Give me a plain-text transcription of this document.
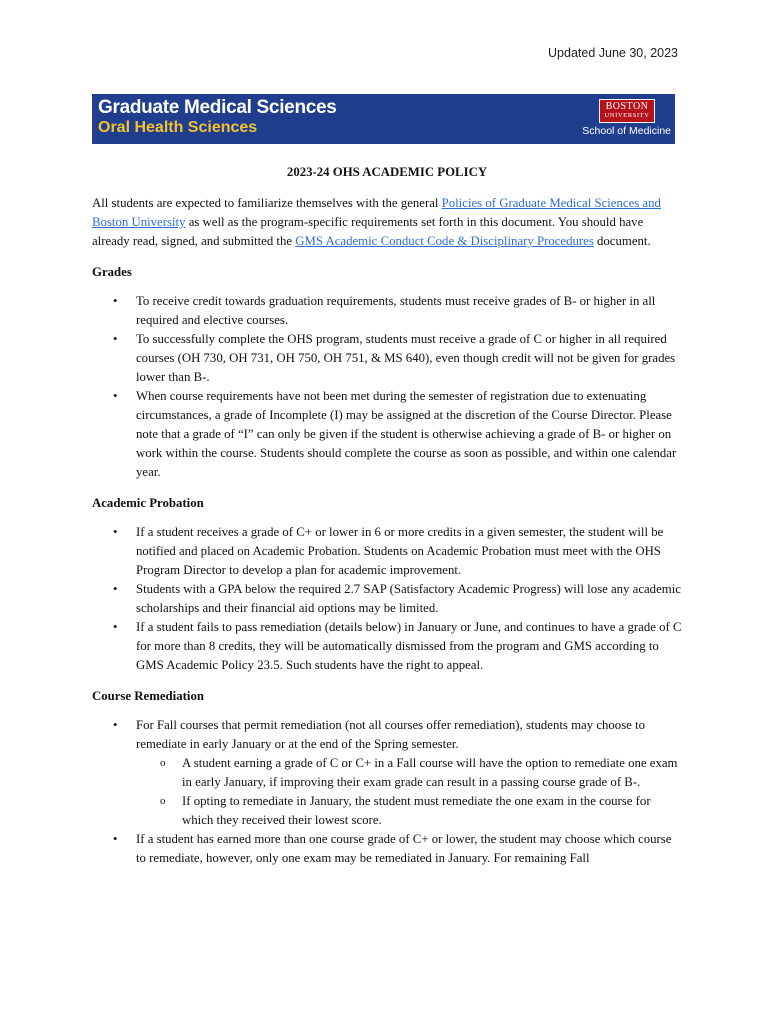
Updated June 30, 2023
Graduate Medical Sciences
Oral Health Sciences
BOSTON
UNIVERSITY
School of Medicine
2023-24 OHS ACADEMIC POLICY

All students are expected to familiarize themselves with the general Policies of Graduate Medical Sciences and Boston University as well as the program-specific requirements set forth in this document. You should have already read, signed, and submitted the GMS Academic Conduct Code & Disciplinary Procedures document.

Grades
• To receive credit towards graduation requirements, students must receive grades of B- or higher in all required and elective courses.
• To successfully complete the OHS program, students must receive a grade of C or higher in all required courses (OH 730, OH 731, OH 750, OH 751, & MS 640), even though credit will not be given for grades lower than B-.
• When course requirements have not been met during the semester of registration due to extenuating circumstances, a grade of Incomplete (I) may be assigned at the discretion of the Course Director. Please note that a grade of “I” can only be given if the student is otherwise achieving a grade of B- or higher on work within the course. Students should complete the course as soon as possible, and within one calendar year.
Academic Probation
• If a student receives a grade of C+ or lower in 6 or more credits in a given semester, the student will be notified and placed on Academic Probation. Students on Academic Probation must meet with the OHS Program Director to develop a plan for academic improvement.
• Students with a GPA below the required 2.7 SAP (Satisfactory Academic Progress) will lose any academic scholarships and their financial aid options may be limited.
• If a student fails to pass remediation (details below) in January or June, and continues to have a grade of C for more than 8 credits, they will be automatically dismissed from the program and GMS according to GMS Academic Policy 23.5. Such students have the right to appeal.
Course Remediation
• For Fall courses that permit remediation (not all courses offer remediation), students may choose to remediate in early January or at the end of the Spring semester.
o A student earning a grade of C or C+ in a Fall course will have the option to remediate one exam in early January, if improving their exam grade can result in a passing course grade of B-.
o If opting to remediate in January, the student must remediate the one exam in the course for which they received their lowest score.
• If a student has earned more than one course grade of C+ or lower, the student may choose which course to remediate, however, only one exam may be remediated in January. For remaining Fall
